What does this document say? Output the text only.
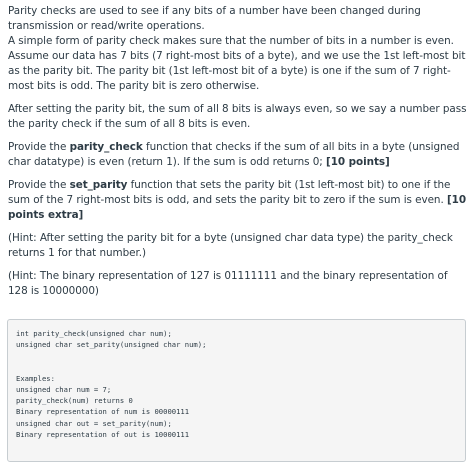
Parity checks are used to see if any bits of a number have been changed during transmission or read/write operations.

A simple form of parity check makes sure that the number of bits in a number is even.

Assume our data has 7 bits (7 right-most bits of a byte), and we use the 1st left-most bit as the parity bit. The parity bit (1st left-most bit of a byte) is one if the sum of 7 right-most bits is odd. The parity bit is zero otherwise.

After setting the parity bit, the sum of all 8 bits is always even, so we say a number pass the parity check if the sum of all 8 bits is even.

Provide the parity_check function that checks if the sum of all bits in a byte (unsigned char datatype) is even (return 1). If the sum is odd returns 0; [10 points]

Provide the set_parity function that sets the parity bit (1st left-most bit) to one if the sum of the 7 right-most bits is odd, and sets the parity bit to zero if the sum is even. [10 points extra]

(Hint: After setting the parity bit for a byte (unsigned char data type) the parity_check returns 1 for that number.)

(Hint: The binary representation of 127 is 01111111 and the binary representation of 128 is 10000000)

int parity_check(unsigned char num);
unsigned char set_parity(unsigned char num);
Examples:
unsigned char num = 7;
parity_check(num) returns 0
Binary representation of num is 00000111
unsigned char out = set_parity(num);
Binary representation of out is 10000111
